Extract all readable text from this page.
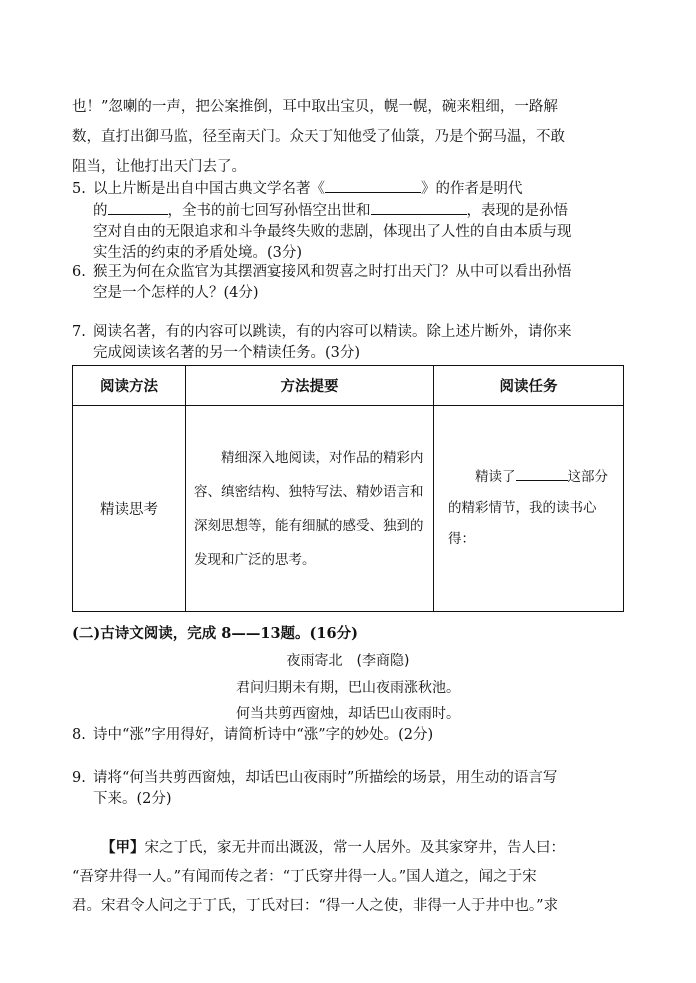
也！”忽喇的一声，把公案推倒，耳中取出宝贝，幌一幌，碗来粗细，一路解
数，直打出御马监，径至南天门。众天丁知他受了仙箓，乃是个弼马温，不敢
阻当，让他打出天门去了。
5. 以上片断是出自中国古典文学名著《	》的作者是明代
的	，全书的前七回写孙悟空出世和	，表现的是孙悟
空对自由的无限追求和斗争最终失败的悲剧，体现出了人性的自由本质与现
实生活的约束的矛盾处境。(3分)
6. 猴王为何在众监官为其摆酒宴接风和贺喜之时打出天门？从中可以看出孙悟
空是一个怎样的人？(4分)
7. 阅读名著，有的内容可以跳读，有的内容可以精读。除上述片断外，请你来
完成阅读该名著的另一个精读任务。(3分)
阅读方法	方法提要	阅读任务
精读思考	精细深入地阅读，对作品的精彩内容、缜密结构、独特写法、精妙语言和深刻思想等，能有细腻的感受、独到的发现和广泛的思考。	精读了 这部分的精彩情节，我的读书心得：
(二)古诗文阅读，完成 8——13题。(16分)
夜雨寄北　(李商隐)
君问归期未有期，巴山夜雨涨秋池。
何当共剪西窗烛，却话巴山夜雨时。
8. 诗中“涨”字用得好，请简析诗中“涨”字的妙处。(2分)
9. 请将“何当共剪西窗烛，却话巴山夜雨时”所描绘的场景，用生动的语言写
下来。(2分)
【甲】宋之丁氏，家无井而出溉汲，常一人居外。及其家穿井，告人曰：
“吾穿井得一人。”有闻而传之者：“丁氏穿井得一人。”国人道之，闻之于宋
君。宋君令人问之于丁氏，丁氏对曰：“得一人之使，非得一人于井中也。”求
